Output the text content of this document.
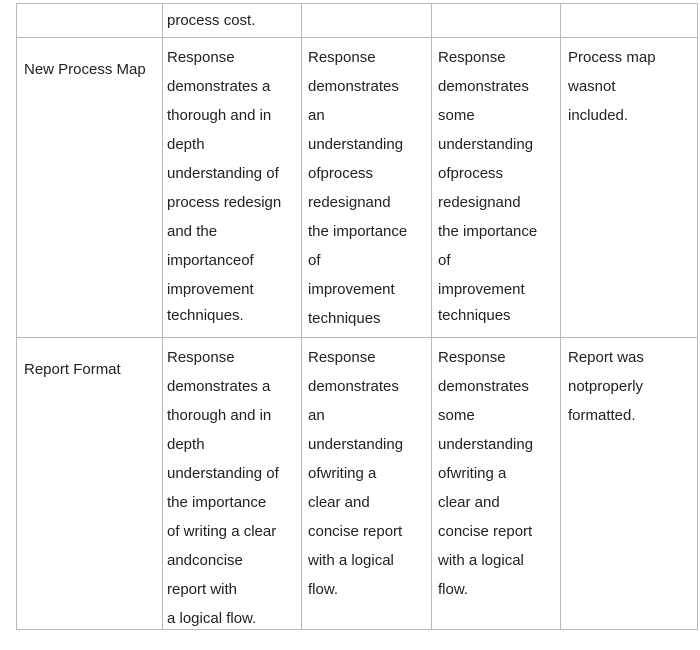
process cost.
New Process Map
Response
demonstrates a
thorough and in
depth
understanding of
process redesign
and the
importanceof
improvement
techniques.
Response
demonstrates
an
understanding
ofprocess
redesignand
the importance
of
improvement
techniques
Response
demonstrates
some
understanding
ofprocess
redesignand
the importance
of
improvement
techniques
Process map
wasnot
included.
Report Format
Response
demonstrates a
thorough and in
depth
understanding of
the importance
of writing a clear
andconcise
report with
a logical flow.
Response
demonstrates
an
understanding
ofwriting a
clear and
concise report
with a logical
flow.
Response
demonstrates
some
understanding
ofwriting a
clear and
concise report
with a logical
flow.
Report was
notproperly
formatted.
